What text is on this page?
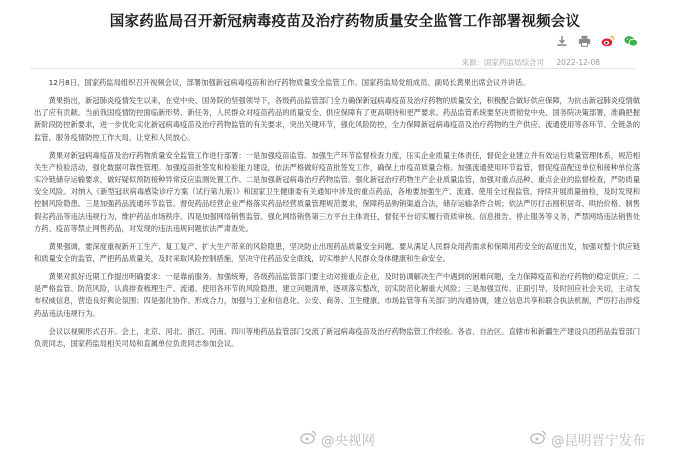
国家药监局召开新冠病毒疫苗及治疗药物质量安全监管工作部署视频会议
来源：国家药监局综合司 2022-12-08

12月8日，国家药监局组织召开视频会议，部署加强新冠病毒疫苗和治疗药物质量安全监管工作。国家药监局党组成员、副局长黄果出席会议并讲话。

黄果指出，新冠肺炎疫情发生以来，在党中央、国务院的坚强领导下，各级药品监管部门全力确保新冠病毒疫苗及治疗药物的质量安全，积极配合做好供应保障，为抗击新冠肺炎疫情做出了应有贡献。当前我国疫情防控面临新形势、新任务，人民群众对疫苗药品的质量安全、供应保障有了更高期待和更严要求。药品监管系统要坚决贯彻党中央、国务院决策部署，准确把握新阶段防控新要求，进一步优化实化新冠病毒疫苗及治疗药物监管的有关要求，突出关键环节，强化风险防控，全力保障新冠病毒疫苗及治疗药物的生产供应、流通使用等各环节、全链条的监管，服务疫情防控工作大局，让党和人民放心。

黄果对新冠病毒疫苗及治疗药物质量安全监管工作进行部署：一是加强疫苗监管。加强生产环节监督检查力度，压实企业质量主体责任，督促企业建立并有效运行质量管理体系，规范相关生产检验活动，强化数据可靠性管理。加强疫苗批签发和检验能力建设，依法严格做好疫苗批签发工作，确保上市疫苗质量合格。加强流通使用环节监管，督促疫苗配送单位和接种单位落实冷链储存运输要求，做好疑似预防接种异常反应监测处置工作。二是加强新冠病毒治疗药物监管。强化新冠治疗药物生产企业质量监管，加强对重点品种、重点企业的监督检查，严防质量安全风险。对纳入《新型冠状病毒感染诊疗方案（试行第九版）》和国家卫生健康委有关通知中涉及的重点药品，各地要加强生产、流通、使用全过程监管，持续开展质量抽检，及时发现和控制风险隐患。三是加强药品流通环节监管。督促药品经营企业严格落实药品经营质量管理规范要求，保障药品购销渠道合法，储存运输条件合规；依法严厉打击囤积居奇、哄抬价格、制售假劣药品等违法违规行为，维护药品市场秩序。四是加强网络销售监管。强化网络销售第三方平台主体责任，督促平台切实履行资质审核、信息报告、停止服务等义务，严禁网络违法销售处方药、疫苗等禁止网售药品，对发现的违法违规问题依法严肃查处。

黄果强调，要深度重视新开工生产、复工复产、扩大生产带来的风险隐患，坚决防止出现药品质量安全问题。要从满足人民群众用药需求和保障用药安全的高度出发，加强对整个供应链和质量安全的监管，严把药品质量关，及时采取风险控制措施，坚决守住药品安全底线，切实维护人民群众身体健康和生命安全。

黄果对抓好近期工作提出明确要求：一是靠前服务、加强统筹，各级药品监管部门要主动对接重点企业，及时协调解决生产中遇到的困难问题，全力保障疫苗和治疗药物的稳定供应；二是严格监管、防范风险，认真排查梳理生产、流通、使用各环节的风险隐患，建立问题清单，逐项落实整改，切实防范化解重大风险；三是加强宣传、正面引导，及时回应社会关切，主动发布权威信息，营造良好舆论氛围；四是强化协作、形成合力，加强与工业和信息化、公安、商务、卫生健康、市场监管等有关部门的沟通协调，建立信息共享和联合执法机制，严厉打击涉疫药品违法违规行为。

会议以视频形式召开。会上，北京、河北、浙江、河南、四川等地药品监管部门交流了新冠病毒疫苗及治疗药物监管工作经验。各省、自治区、直辖市和新疆生产建设兵团药品监管部门负责同志，国家药监局相关司局和直属单位负责同志参加会议。

@央视网	@昆明晋宁发布
